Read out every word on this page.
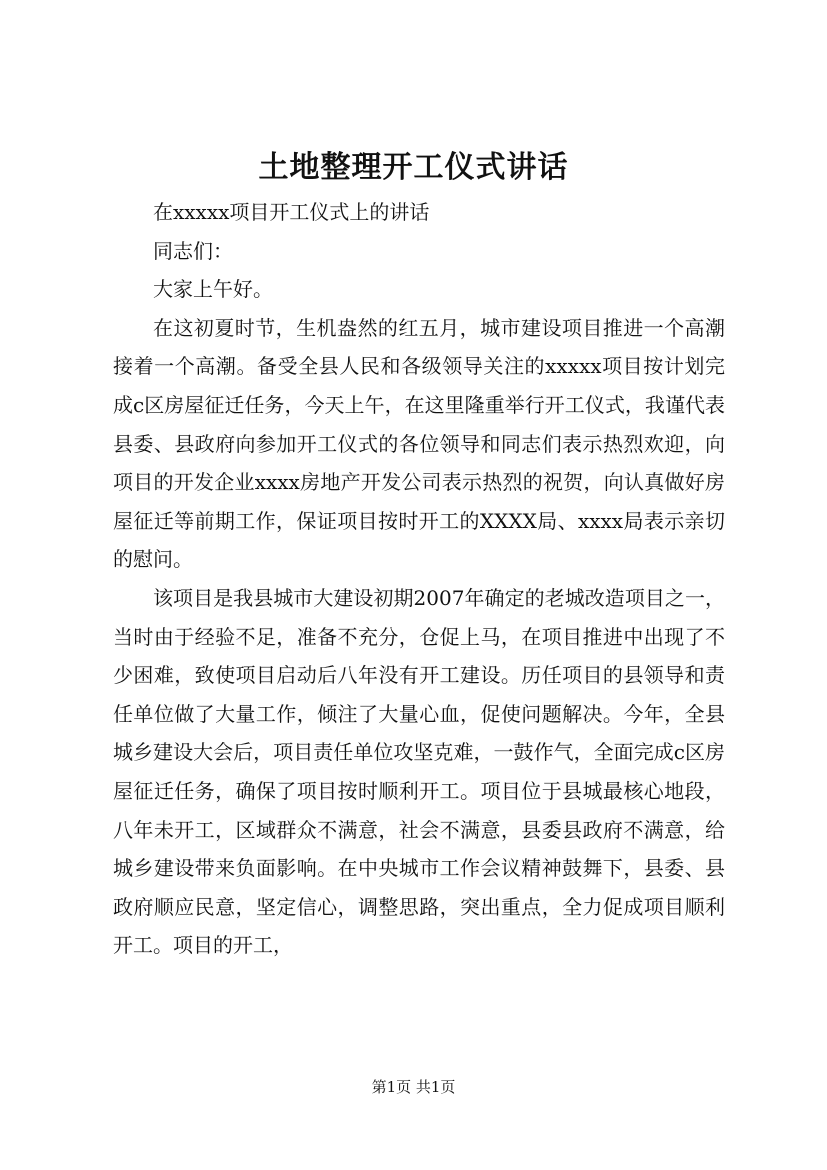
土地整理开工仪式讲话

在xxxxx项目开工仪式上的讲话

同志们：

大家上午好。

在这初夏时节，生机盎然的红五月，城市建设项目推进一个高潮接着一个高潮。备受全县人民和各级领导关注的xxxxx项目按计划完成c区房屋征迁任务，今天上午，在这里隆重举行开工仪式，我谨代表县委、县政府向参加开工仪式的各位领导和同志们表示热烈欢迎，向项目的开发企业xxxx房地产开发公司表示热烈的祝贺，向认真做好房屋征迁等前期工作，保证项目按时开工的XXXX局、xxxx局表示亲切的慰问。

该项目是我县城市大建设初期2007年确定的老城改造项目之一，当时由于经验不足，准备不充分，仓促上马，在项目推进中出现了不少困难，致使项目启动后八年没有开工建设。历任项目的县领导和责任单位做了大量工作，倾注了大量心血，促使问题解决。今年，全县城乡建设大会后，项目责任单位攻坚克难，一鼓作气，全面完成c区房屋征迁任务，确保了项目按时顺利开工。项目位于县城最核心地段，八年未开工，区域群众不满意，社会不满意，县委县政府不满意，给城乡建设带来负面影响。在中央城市工作会议精神鼓舞下，县委、县政府顺应民意，坚定信心，调整思路，突出重点，全力促成项目顺利开工。项目的开工，

第1页 共1页
